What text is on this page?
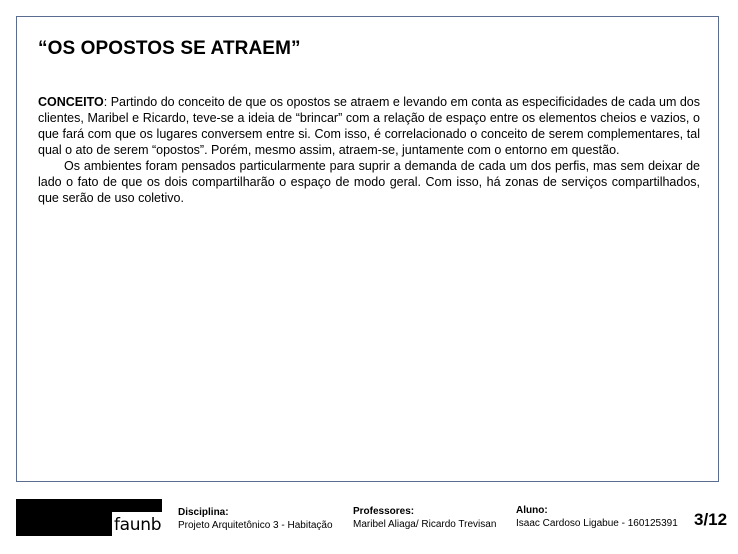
“OS OPOSTOS SE ATRAEM”

CONCEITO: Partindo do conceito de que os opostos se atraem e levando em conta as especificidades de cada um dos clientes, Maribel e Ricardo, teve-se a ideia de “brincar” com a relação de espaço entre os elementos cheios e vazios, o que fará com que os lugares conversem entre si. Com isso, é correlacionado o conceito de serem complementares, tal qual o ato de serem “opostos”. Porém, mesmo assim, atraem-se, juntamente com o entorno em questão.

Os ambientes foram pensados particularmente para suprir a demanda de cada um dos perfis, mas sem deixar de lado o fato de que os dois compartilharão o espaço de modo geral. Com isso, há zonas de serviços compartilhados, que serão de uso coletivo.

faunb
Disciplina:
Projeto Arquitetônico 3 - Habitação
Professores:
Maribel Aliaga/ Ricardo Trevisan
Aluno:
Isaac Cardoso Ligabue - 160125391 3/12
